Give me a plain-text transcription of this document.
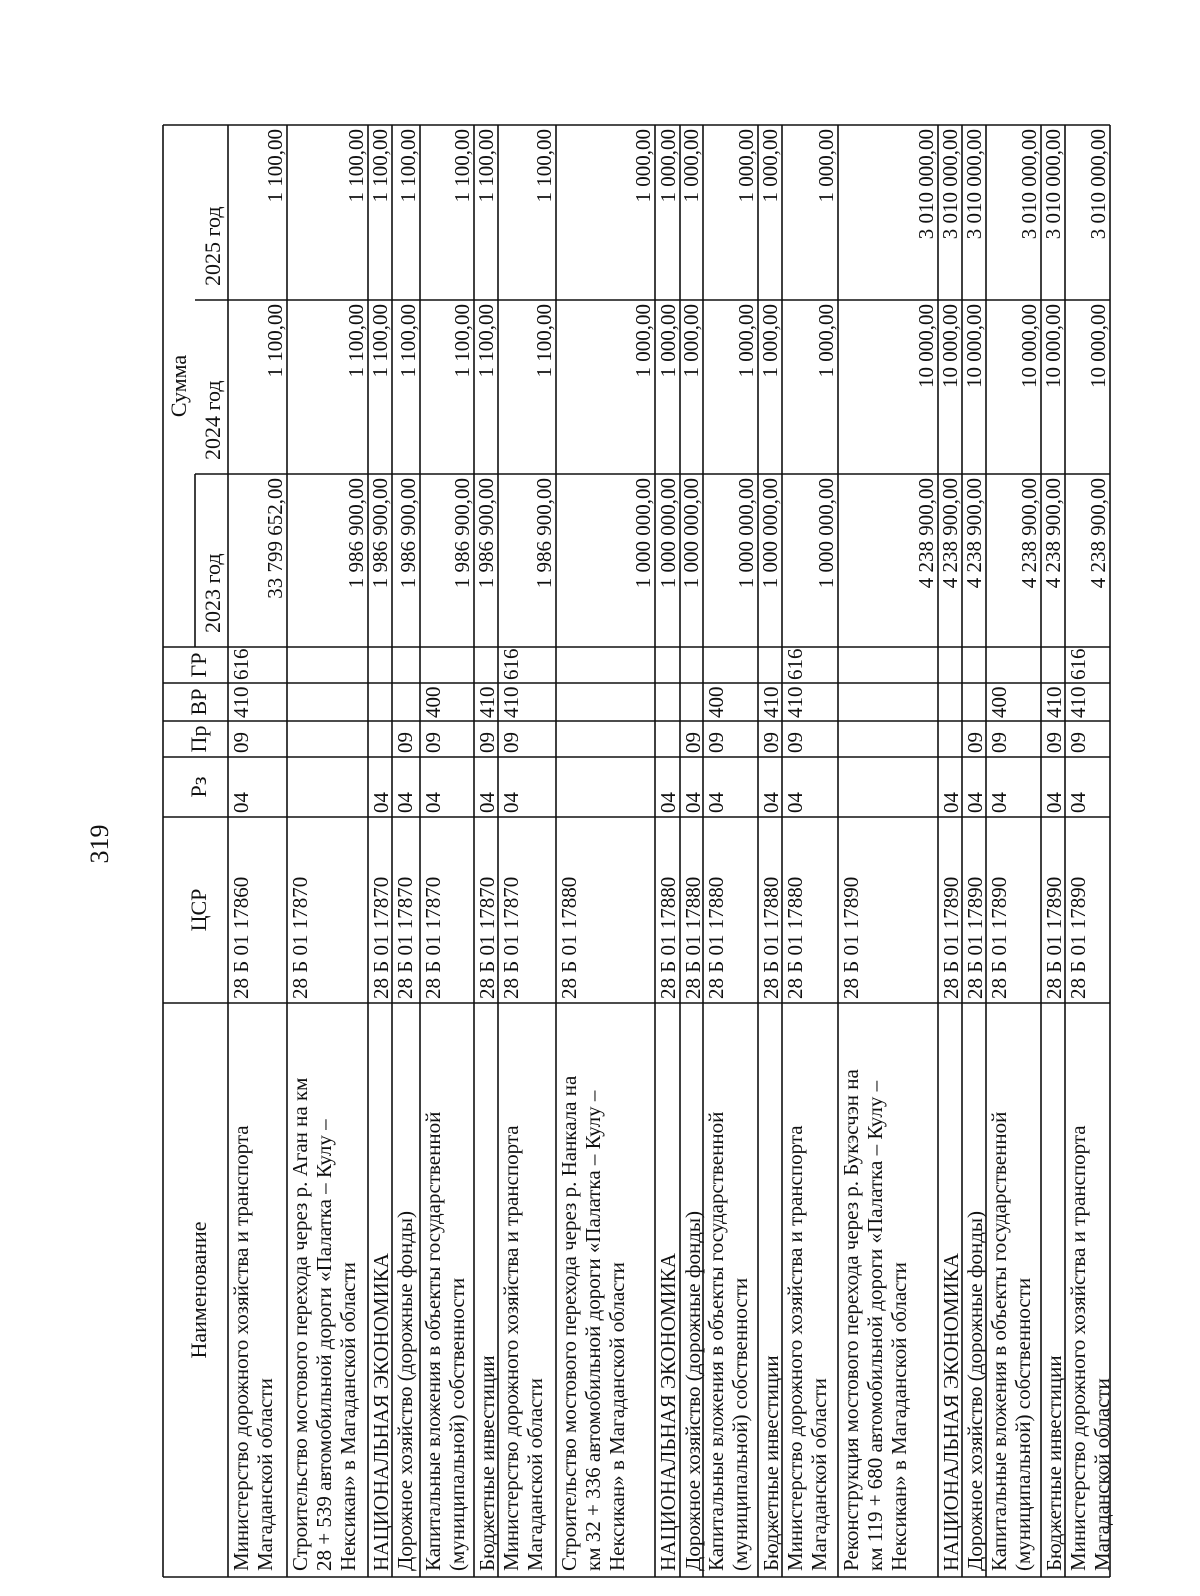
319
Наименование
ЦСР
Рз
Пр
ВР
ГР
Сумма
2023 год
2024 год
2025 год
Министерство дорожного хозяйства и транспорта Магаданской области
28 Б 01 17860
04
09
410
616
33 799 652,00
1 100,00
1 100,00
Строительство мостового перехода через р. Аган на км 28 + 539 автомобильной дороги «Палатка – Кулу – Нексикан» в Магаданской области
28 Б 01 17870
1 986 900,00
1 100,00
1 100,00
НАЦИОНАЛЬНАЯ ЭКОНОМИКА
28 Б 01 17870
04
1 986 900,00
1 100,00
1 100,00
Дорожное хозяйство (дорожные фонды)
28 Б 01 17870
04
09
1 986 900,00
1 100,00
1 100,00
Капитальные вложения в объекты государственной (муниципальной) собственности
28 Б 01 17870
04
09
400
1 986 900,00
1 100,00
1 100,00
Бюджетные инвестиции
28 Б 01 17870
04
09
410
1 986 900,00
1 100,00
1 100,00
Министерство дорожного хозяйства и транспорта Магаданской области
28 Б 01 17870
04
09
410
616
1 986 900,00
1 100,00
1 100,00
Строительство мостового перехода через р. Нанкала на км 32 + 336 автомобильной дороги «Палатка – Кулу – Нексикан» в Магаданской области
28 Б 01 17880
1 000 000,00
1 000,00
1 000,00
НАЦИОНАЛЬНАЯ ЭКОНОМИКА
28 Б 01 17880
04
1 000 000,00
1 000,00
1 000,00
Дорожное хозяйство (дорожные фонды)
28 Б 01 17880
04
09
1 000 000,00
1 000,00
1 000,00
Капитальные вложения в объекты государственной (муниципальной) собственности
28 Б 01 17880
04
09
400
1 000 000,00
1 000,00
1 000,00
Бюджетные инвестиции
28 Б 01 17880
04
09
410
1 000 000,00
1 000,00
1 000,00
Министерство дорожного хозяйства и транспорта Магаданской области
28 Б 01 17880
04
09
410
616
1 000 000,00
1 000,00
1 000,00
Реконструкция мостового перехода через р. Букэсчэн на км 119 + 680 автомобильной дороги «Палатка – Кулу – Нексикан» в Магаданской области
28 Б 01 17890
4 238 900,00
10 000,00
3 010 000,00
НАЦИОНАЛЬНАЯ ЭКОНОМИКА
28 Б 01 17890
04
4 238 900,00
10 000,00
3 010 000,00
Дорожное хозяйство (дорожные фонды)
28 Б 01 17890
04
09
4 238 900,00
10 000,00
3 010 000,00
Капитальные вложения в объекты государственной (муниципальной) собственности
28 Б 01 17890
04
09
400
4 238 900,00
10 000,00
3 010 000,00
Бюджетные инвестиции
28 Б 01 17890
04
09
410
4 238 900,00
10 000,00
3 010 000,00
Министерство дорожного хозяйства и транспорта Магаданской области
28 Б 01 17890
04
09
410
616
4 238 900,00
10 000,00
3 010 000,00
